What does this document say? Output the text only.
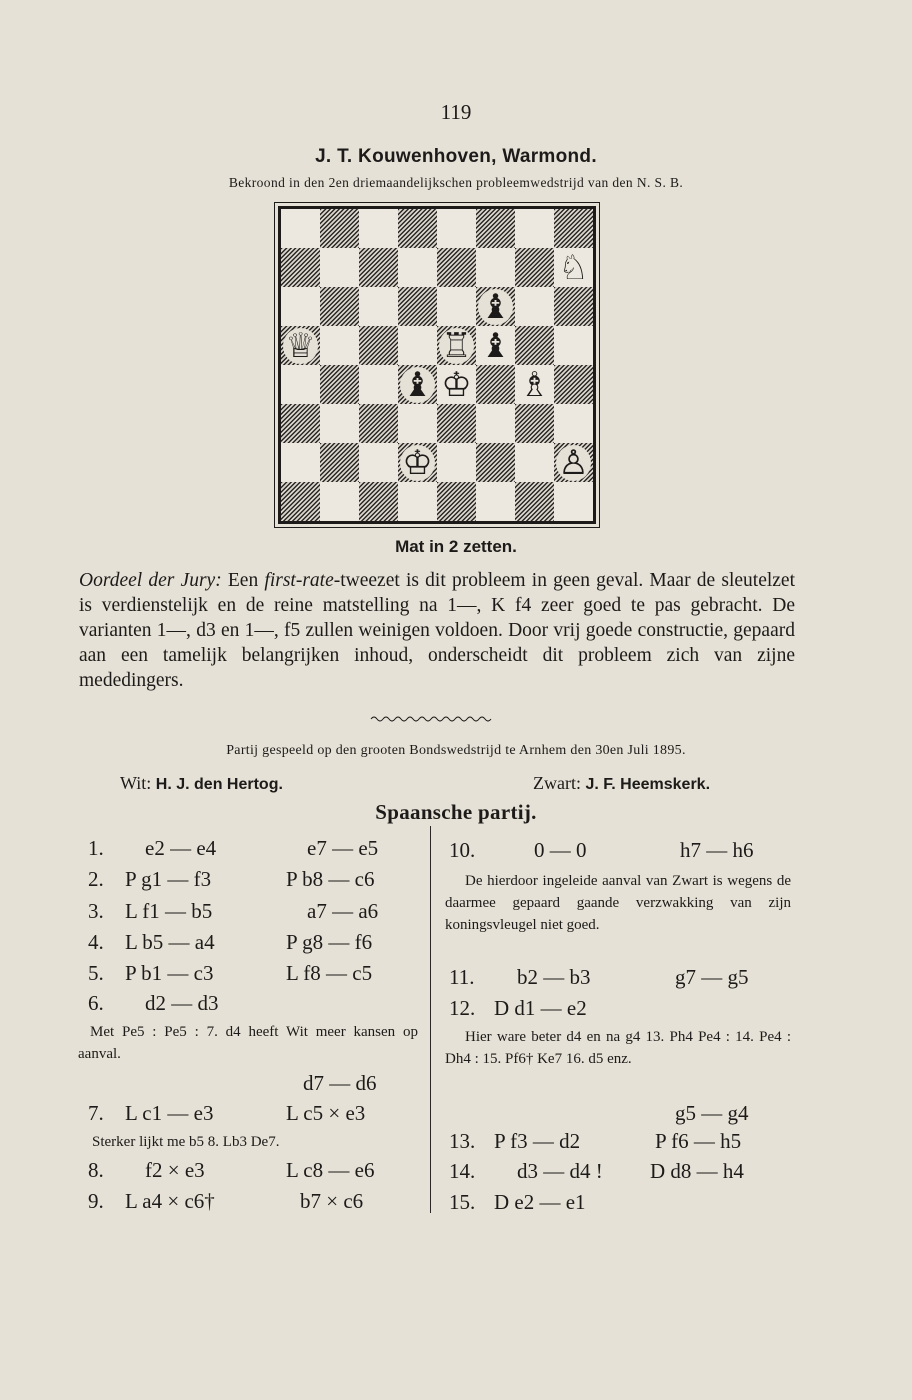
119
J. T. Kouwenhoven, Warmond.
Bekroond in den 2en driemaandelijkschen probleemwedstrijd van den N. S. B.
♘
♝
♕	♖ ♝
♝ ♔ ♗
♔	♙
Mat in 2 zetten.

Oordeel der Jury: Een first-rate-tweezet is dit probleem in geen geval. Maar de sleutelzet is verdienstelijk en de reine matstelling na 1—, K f4 zeer goed te pas gebracht. De varianten 1—, d3 en 1—, f5 zullen weinigen voldoen. Door vrij goede constructie, gepaard aan een tamelijk belangrijken inhoud, onderscheidt dit probleem zich van zijne mededingers.

Partij gespeeld op den grooten Bondswedstrijd te Arnhem den 30en Juli 1895.
Wit: H. J. den Hertog.	Zwart: J. F. Heemskerk.
Spaansche partij.
1. e2 — e4	e7 — e5
2. P g1 — f3	P b8 — c6
3. L f1 — b5	a7 — a6
4. L b5 — a4	P g8 — f6
5. P b1 — c3	L f8 — c5
6. d2 — d3
Met Pe5 : Pe5 : 7. d4 heeft Wit meer kansen op aanval.
d7 — d6
7. L c1 — e3	L c5 × e3
Sterker lijkt me b5 8. Lb3 De7.
8. f2 × e3	L c8 — e6
9. L a4 × c6†	b7 × c6
10.	0 — 0	h7 — h6
De hierdoor ingeleide aanval van Zwart is wegens de daarmee gepaard gaande verzwakking van zijn koningsvleugel niet goed.
11. b2 — b3	g7 — g5
12. D d1 — e2
Hier ware beter d4 en na g4 13. Ph4 Pe4 : 14. Pe4 : Dh4 : 15. Pf6† Ke7 16. d5 enz.
g5 — g4
13. P f3 — d2	P f6 — h5
14. d3 — d4 ! D d8 — h4
15. D e2 — e1
